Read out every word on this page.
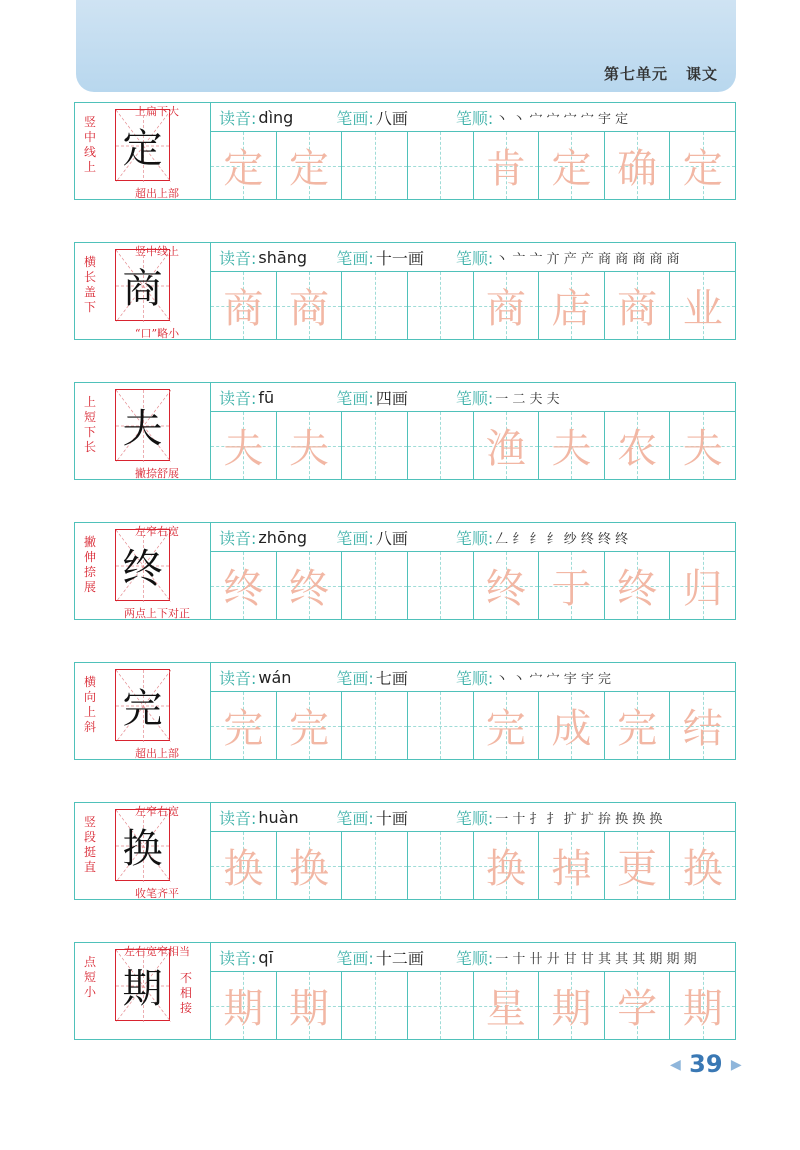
第七单元 课文
上扁下大
竖中线上 定
超出上部
读音: dìng	笔画: 八画	笔顺: 丶 丶 宀 宀 宀 宀 宇 定
定 定	肯 定 确 定
竖中线上
横长盖下 商
“口”略小
读音: shāng	笔画: 十一画	笔顺: 丶 亠 亠 亣 产 产 商 商 商 商 商
商 商	商 店 商 业
上短下长 夫
撇捺舒展
读音: fū	笔画: 四画	笔顺: 一 二 夫 夫
夫 夫	渔 夫 农 夫
左窄右宽
撇伸捺展 终
两点上下对正
读音: zhōng	笔画: 八画	笔顺: 𠃋 纟 纟 纟 纱 终 终 终
终 终	终 于 终 归
横向上斜 完
超出上部
读音: wán	笔画: 七画	笔顺: 丶 丶 宀 宀 宇 宇 完
完 完	完 成 完 结
左窄右宽
竖段挺直 换
收笔齐平
读音: huàn	笔画: 十画	笔顺: 一 十 扌 扌 扩 扩 拚 换 换 换
换 换	换 掉 更 换
左右宽窄相当
点短小
不相接
期
读音: qī	笔画: 十二画	笔顺: 一 十 卄 廾 甘 甘 其 其 其 期 期 期
期 期	星 期 学 期
◀ 39 ▶
